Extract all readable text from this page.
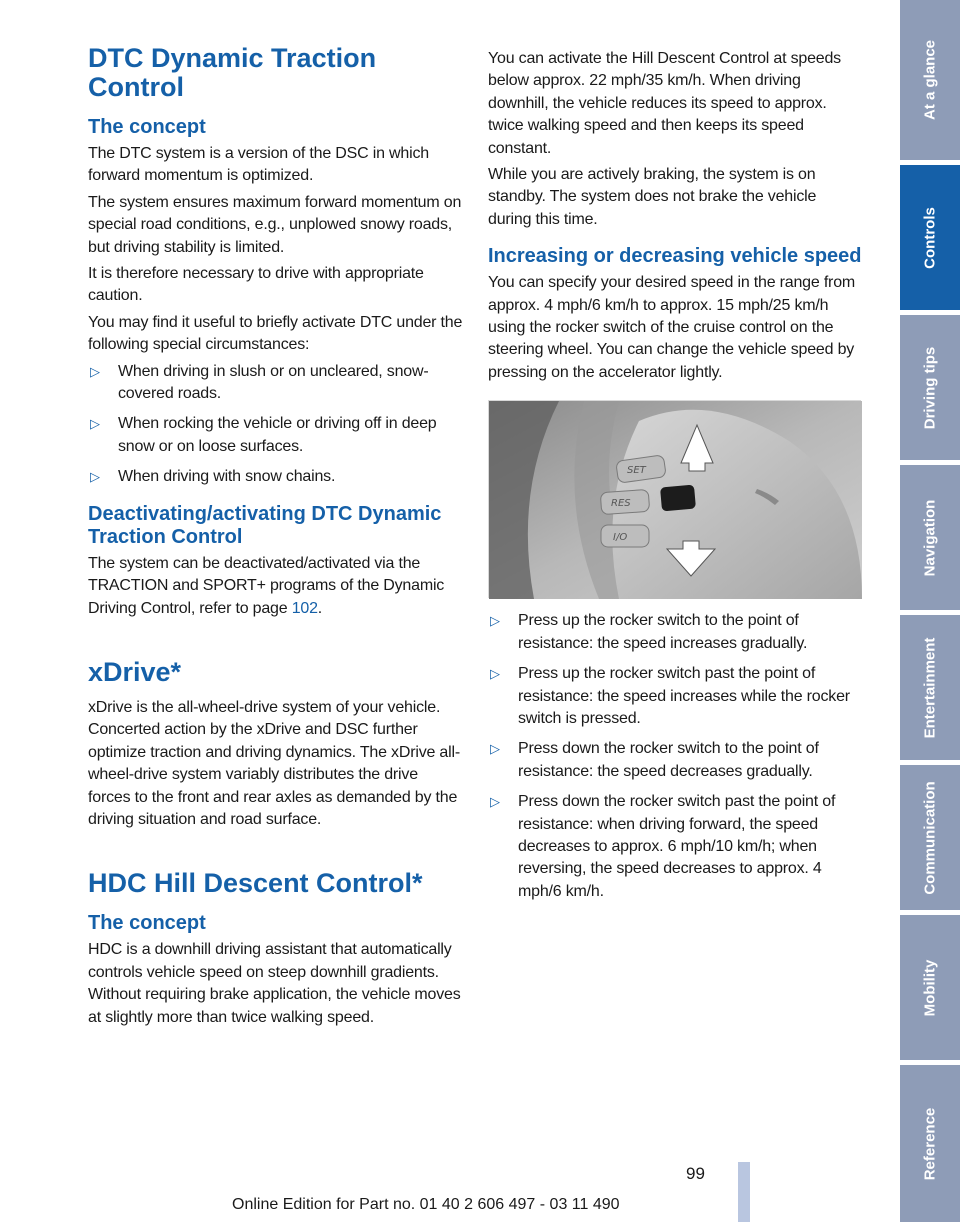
DTC Dynamic Traction Control
The concept
The DTC system is a version of the DSC in which forward momentum is optimized.
The system ensures maximum forward momentum on special road conditions, e.g., unplowed snowy roads, but driving stability is limited.
It is therefore necessary to drive with appropriate caution.
You may find it useful to briefly activate DTC under the following special circumstances:
▷ When driving in slush or on uncleared, snow-covered roads.
▷ When rocking the vehicle or driving off in deep snow or on loose surfaces.
▷ When driving with snow chains.
Deactivating/activating DTC Dynamic Traction Control
The system can be deactivated/activated via the TRACTION and SPORT+ programs of the Dynamic Driving Control, refer to page 102.
xDrive*
xDrive is the all-wheel-drive system of your vehicle. Concerted action by the xDrive and DSC further optimize traction and driving dynamics. The xDrive all-wheel-drive system variably distributes the drive forces to the front and rear axles as demanded by the driving situation and road surface.
HDC Hill Descent Control*
The concept
HDC is a downhill driving assistant that automatically controls vehicle speed on steep downhill gradients. Without requiring brake application, the vehicle moves at slightly more than twice walking speed.
You can activate the Hill Descent Control at speeds below approx. 22 mph/35 km/h. When driving downhill, the vehicle reduces its speed to approx. twice walking speed and then keeps its speed constant.
While you are actively braking, the system is on standby. The system does not brake the vehicle during this time.
Increasing or decreasing vehicle speed
You can specify your desired speed in the range from approx. 4 mph/6 km/h to approx. 15 mph/25 km/h using the rocker switch of the cruise control on the steering wheel. You can change the vehicle speed by pressing on the accelerator lightly.
SET
RES
I/O
▷ Press up the rocker switch to the point of resistance: the speed increases gradually.
▷ Press up the rocker switch past the point of resistance: the speed increases while the rocker switch is pressed.
▷ Press down the rocker switch to the point of resistance: the speed decreases gradually.
▷ Press down the rocker switch past the point of resistance: when driving forward, the speed decreases to approx. 6 mph/10 km/h; when reversing, the speed decreases to approx. 4 mph/6 km/h.
At a glance
Controls
Driving tips
Navigation
Entertainment
Communication
Mobility
Reference
99
Online Edition for Part no. 01 40 2 606 497 - 03 11 490
